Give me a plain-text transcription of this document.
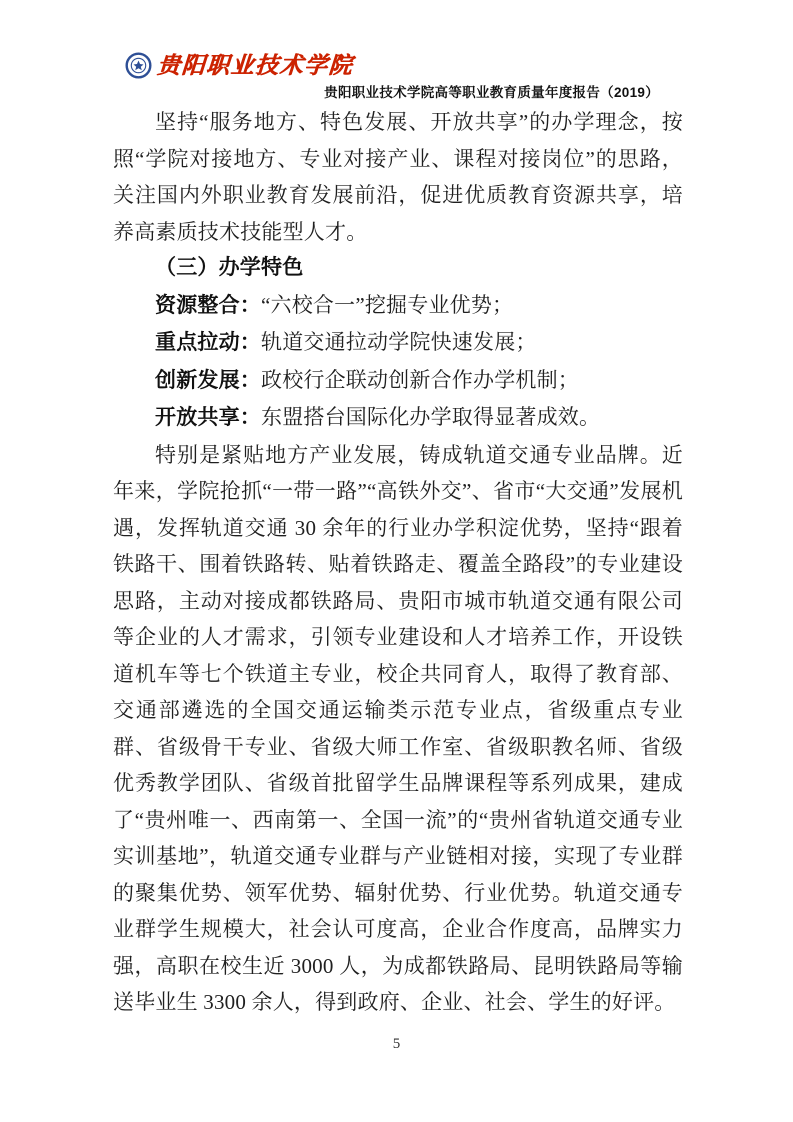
贵阳职业技术学院
贵阳职业技术学院高等职业教育质量年度报告（2019）

坚持“服务地方、特色发展、开放共享”的办学理念，按照“学院对接地方、专业对接产业、课程对接岗位”的思路，关注国内外职业教育发展前沿，促进优质教育资源共享，培养高素质技术技能型人才。

（三）办学特色

资源整合：“六校合一”挖掘专业优势；

重点拉动：轨道交通拉动学院快速发展；

创新发展：政校行企联动创新合作办学机制；

开放共享：东盟搭台国际化办学取得显著成效。

特别是紧贴地方产业发展，铸成轨道交通专业品牌。近年来，学院抢抓“一带一路”“高铁外交”、省市“大交通”发展机遇，发挥轨道交通 30 余年的行业办学积淀优势，坚持“跟着铁路干、围着铁路转、贴着铁路走、覆盖全路段”的专业建设思路，主动对接成都铁路局、贵阳市城市轨道交通有限公司等企业的人才需求，引领专业建设和人才培养工作，开设铁道机车等七个铁道主专业，校企共同育人，取得了教育部、交通部遴选的全国交通运输类示范专业点，省级重点专业群、省级骨干专业、省级大师工作室、省级职教名师、省级优秀教学团队、省级首批留学生品牌课程等系列成果，建成了“贵州唯一、西南第一、全国一流”的“贵州省轨道交通专业实训基地”，轨道交通专业群与产业链相对接，实现了专业群的聚集优势、领军优势、辐射优势、行业优势。轨道交通专业群学生规模大，社会认可度高，企业合作度高，品牌实力强，高职在校生近 3000 人，为成都铁路局、昆明铁路局等输送毕业生 3300 余人，得到政府、企业、社会、学生的好评。

5
